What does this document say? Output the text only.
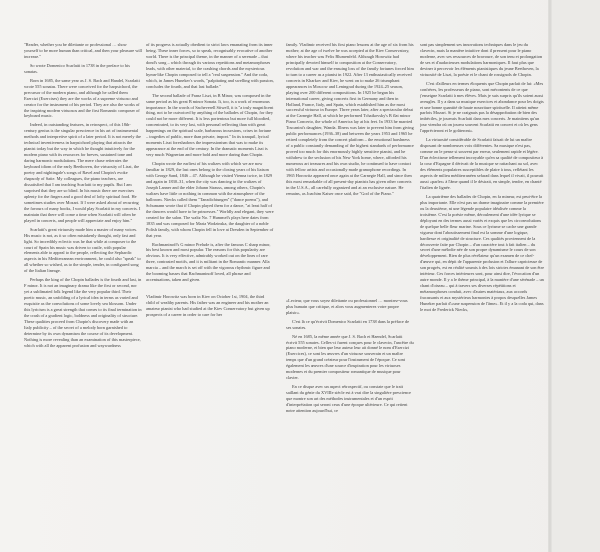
"Reader, whether you be dilettante or professional … show yourself to be more human than critical, and then your pleasure will increase."

So wrote Domenico Scarlatti in 1738 in the preface to his sonatas.

Born in 1685, the same year as J. S. Bach and Handel, Scarlatti wrote 555 sonatas. There were conceived for the harpsichord, the precursor of the modern piano, and although he called them Esercizi (Exercises) they are the works of a supreme virtuoso and creator for the instrument of his period. They are also the works of the inspiring modern virtuosos and the first Romantic composer of keyboard music.

Indeed, in outstanding features, in retrospect, of this 18th-century genius is the singular prescience in his art of instrumental methods and interpretive spirit of a later period. It is not merely the technical inventiveness in harpsichord playing that attracts the pianist today but the way in which he thought intuitively for the modern piano with its resources for breves, sustained tone and daring harmonic modulations. The mere chase reiterates the keyboard idiom of the early Beethoven, the virtuosity of Liszt, the poetry and nightingale's songs of Ravel and Chopin's evoke rhapsody of Satie. My colleagues, the piano teachers, are dissatisfied that I am teaching Scarlatti to my pupils. But I am surprised that they are so blind. In his music there are exercises aplenty for the fingers and a good deal of lofty spiritual food. He sometimes studies over Mozart. If I were asked about of recurring the favours of many books, I would play Scarlatti in my concerts. I maintain that there will come a time when Scarlatti will often be played in concerts, and people will appreciate and enjoy him."

Scarlatti's great virtuosity made him a master of many voices. His music is not, as it so often mistakenly thought, only fast and light. So incredibly eclectic was he that while at composer to the court of Spain his music was driven to castle, with popular elements able to appeal to the people, reflecting the Sephardic aspects in his Mediterranean environment, he could also "speak" to all whether so wished, as to the simple, tender, in configured song of the Italian lineage.

Perhaps the king of the Chopin ballades is the fourth and last, in F minor. It is not an imaginary drama like the first or second, nor yet a sublimated folk legend like the very popular third. Their poetic music, an unfolding of a lyrical idea in terms as varied and exquisite as the convolutions of some lovely sea blossom. Under this lyricism is a great strength that comes to its final termination in the crash of a gradient logic, boldness and originality of structure. These qualities proceed from Chopin's discovery made with an Italy publicity – of the secret of a melody born garnished to determine by its own dynamism the course of its development. Nothing is more revealing than an examination of this masterpiece, which with all the apparent profusion and waywardness

of its progress is actually obedient to strict laws emanating from its inner being. These inner forces, so to speak, recognisably evocative of another world. There is the principal theme, in the manner of a serenade – that dond's song – which through its various repetitions and metamorphoses leads, with other material, to the crashing chords and the mysterious hymn-like Chopin composed to tell a "real suspension." And the coda, which, in James Huneker's words, "palpitating and swelling with passion, concludes the fourth, and that last ballade."

The second ballade of Franz Liszt, in B Minor, was composed in the same period as his great B minor Sonata. It, too, is a work of enormous importance. In the words of Sacheverell Sitwell, it is "a truly magnificent thing, not to be outvoiced by anything of the ballades of Chopin, for they could not be more different. It is less portentous but more full bloodied, concentrated, to its very last, with personal reflecting than with great happenings on the spiritual scale, barbarous incursions, crises in fortune – tragedies of public, more than private, import." In its tranquil, lyrical moments Liszt foreshadows the impressionism that was to make its appearance at the end of the century. In the dramatic moments Liszt is very much Wagnerian and more bold and more daring than Chopin.

Chopin wrote the earliest of his waltzes with which we are now familiar in 1829, the last ones belong to the closing years of his liaison with George Sand, 1846 – 47. Although he visited Vienna twice, in 1829 and again in 1830–31, when the city was dancing to the waltzes of Joseph Lanner and the elder Johann Strauss, among others, Chopin's waltzes have little or nothing in common with the atmosphere of the ballroom. Niecks called them "Tanzdichtungen" ("dance poems"), and Schumann wrote that if Chopin played them for a dance, "at least half of the dancers would have to be princesses." Worldly and elegant, they were created for the salon. The waltz No. 7 Hummel's plays here dates from 1835 and was composed for Maria Wodzinska, the daughter of a noble Polish family, with whom Chopin fell in love at Dresden in September of that year.

Rachmaninoff's G minor Prelude is, after the famous C sharp minor, his best known and most popular. The reasons for this popularity are obvious. It is very effective, admirably worked out on the lines of rare three, contrasted motifs, and it is militant in the Romantic manner. Alla marcia – and the march is set off with the vigorous rhythmic figure and the booming basses that Rachmaninoff loved, all phrase and accentuations, taken and given.

Vladimir Horowitz was born in Kiev on October 1st, 1904, the third child of wealthy parents. His father was an engineer and his mother an amateur pianist who had studied at the Kiev Conservatory but given up prospects of a career in order to care for her

family. Vladimir received his first piano lessons at the age of six from his mother; at the age of twelve he was accepted at the Kiev Conservatory, where his teacher was Felix Blumenfeld. Although Horowitz had principally devoted himself to composition at the Conservatory, revolution and war and the ensuing loss of the family fortunes forced him to turn to a career as a pianist in 1922. After 13 enthusiastically received concerts in Kharkov and Kiev, he went on to make 26 triumphant appearances in Moscow and Leningrad during the 1924–25 season, playing over 200 different compositions. In 1925 he began his international career, giving concerts first in Germany and then in Holland, France, Italy, and Spain, which established him as the most successful virtuoso in Europe. Three years later, after a spectacular debut at the Carnegie Hall, at which he performed Tchaikovsky's B flat minor Piano Concerto, the whole of America lay at his feet. In 1933 he married Toscanini's daughter, Wanda. Illness was later to prevent him from giving public performances (1936–38) and between the years 1953 and 1965 he retired completely from the concert platform – the emotional harshness of a public constantly demanding of the highest standards of performance proved too much for this enormously highly sensitive pianist, and he withdrew to the seclusion of his New York home, where, afforded his numerous art treasures and his own studio, he continued to have contact with fellow artists and occasionally made gramophone recordings. In 1965 Horowitz appeared once again at the Carnegie Hall, and since then this most remarkable of all present-day pianists has given other concerts in the U.S.A., all carefully organized and at an exclusive nature. He remains, as Joachim Kaiser once said, the "God of the Piano."

«Lecteur, que vous soyez dilettante ou professionnel … montrez-vous plus humain que critique, et alors vous augmenterez votre propre plaisir».

C'est là ce qu'écrivit Domenico Scarlatti en 1738 dans la préface de ses sonates.

Né en 1685, la même année que J. S. Bach et Haendel, Scarlatti écrivit 555 sonates. Celles-ci furent conçues pour le clavecin, l'ancêtre du piano moderne, et bien que leur auteur leur ait donné le nom d'Esercizi (Exercices), ce sont les œuvres d'un virtuose souverain et un maître temps que d'un grand créateur pour l'instrument de l'époque. Ce sont également les œuvres d'une source d'inspiration pour les virtuoses modernes et du premier compositeur romantique de musique pour clavier.

En ce disque avec un aspect rétrospectif, ou constate que le trait saillant du génie du XVIIIe siècle est à vrai dire la singulière prescience que montre son art des méthodes instrumentales et d'un esprit d'interprétation qui seront ceux d'une époque ultérieure. Ce qui retient notre attention aujourd'hui, ce

sont pas simplement ses innovations techniques dans le jeu du clavecin, mais la manière intuitive dont il pressent pour le piano moderne, avec ses ressources de bravoure, de son tenu et prolongation de ses et d'audacieuses modulations harmoniques. Il faut plus que deviner à percevoir les éléments pianistiques du jeune Beethoven, la virtuosité de Liszt, la poésie et le chant de rossignols de Chopin.

C'est d'ailleurs en termes éloquents que Chopin parlait de lui: «Mes confrères, les professeurs de piano, sont mécontents de ce que j'enseigne Scarlatti à mes élèves. Mais je suis surpris qu'ils soient aussi aveugles. Il y a dans sa musique exercices et abondance pour les doigts et une bonne quantité de haute nourriture spirituelle. Il atteint même parfois Mozart. Si je ne craignais pas la désapprobation de bien des imbéciles, je jouerais Scarlatti dans mes concerts. Je maintiens qu'un jour viendra où on jouera souvent Scarlatti en concert et où les gens l'apprécieront et le goûteront».

La virtuosité considérable de Scarlatti faisait de lui un maître disposant de nombreuses voix différentes. Sa musique n'est pas, comme on le pense si souvent par erreur, seulement rapide et légère. D'un éclectisme tellement incroyable qu'en sa qualité de compositeur à la cour d'Espagne il dérivait de la musique se rattachant au sol, avec des éléments populaires susceptibles de plaire à tous, reflétant les aspects de milieu méditerranéen sefarad dans lequel il vivait, il pouvait aussi «parler» à l'âme quand il le désirait, en simple, tendre, en chanté l'italien de lignée.

La quatrième des ballades de Chopin, en fa mineur, est peut-être la plus importante. Elle n'est pas un drame imaginaire comme la première ou la deuxième, ni une légende populaire idéalisée comme la troisième. C'est la poésie même, déroulement d'une idée lyrique se déployant en des termes aussi variés et exquis que les circonvolutions de quelque belle fleur marine. Sous ce lyrisme se cache une grande vigueur dont l'aboutissement final est la somme d'une logique, hardiesse et originalité de structure. Ces qualités proviennent de la découverte faite par Chopin – d'un caractère tout à fait italien – du secret d'une mélodie née de son propre dynamisme le cours de son développement. Rien de plus révélateur qu'un examen de ce chef-d'œuvre qui, en dépit de l'apparente profusion et l'allure capricieuse de son progrès, est en réalité soumis à des lois strictes émanant de son être intérieur. Ces forces intérieures sont, pour ainsi dire, l'évocation d'un autre monde. Il y a le thème principal, à la manière d'une sérénade – un chant d'oiseau – qui à travers ses diverses répétitions et métamorphoses conduit, avec d'autres matériaux, aux accords fracassants et aux mystérieux harmonies à propos desquelles James Huneker parlait d'«une suspension de l'âme». Et il y a la coda qui, dans le mot de Frederick Niecks,
